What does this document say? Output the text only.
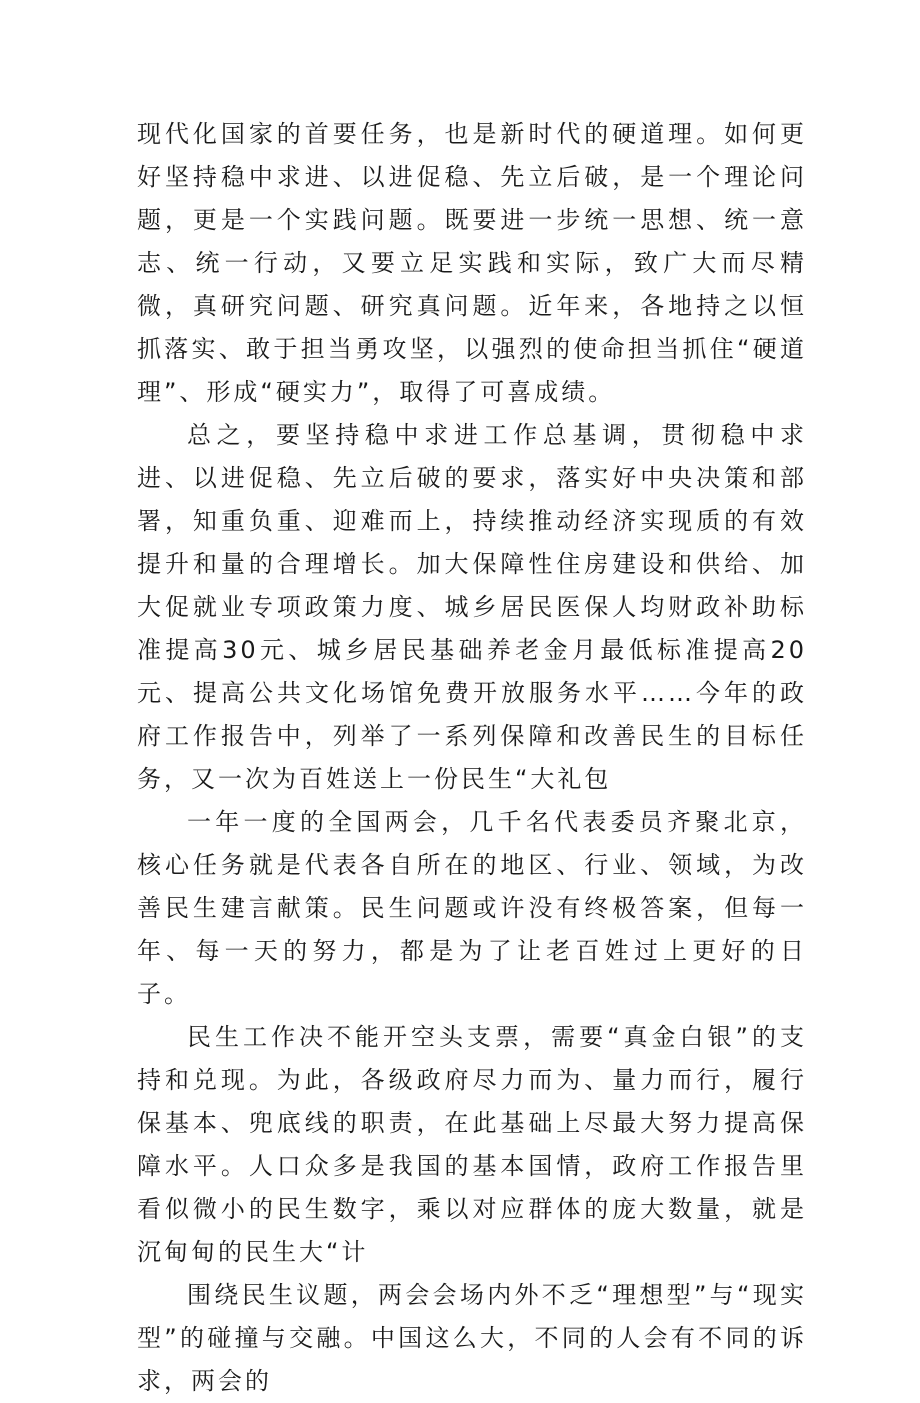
现代化国家的首要任务，也是新时代的硬道理。如何更好坚持稳中求进、以进促稳、先立后破，是一个理论问题，更是一个实践问题。既要进一步统一思想、统一意志、统一行动，又要立足实践和实际，致广大而尽精微，真研究问题、研究真问题。近年来，各地持之以恒抓落实、敢于担当勇攻坚，以强烈的使命担当抓住“硬道理”、形成“硬实力”，取得了可喜成绩。

总之，要坚持稳中求进工作总基调，贯彻稳中求进、以进促稳、先立后破的要求，落实好中央决策和部署，知重负重、迎难而上，持续推动经济实现质的有效提升和量的合理增长。加大保障性住房建设和供给、加大促就业专项政策力度、城乡居民医保人均财政补助标准提高30元、城乡居民基础养老金月最低标准提高20元、提高公共文化场馆免费开放服务水平……今年的政府工作报告中，列举了一系列保障和改善民生的目标任务，又一次为百姓送上一份民生“大礼包

一年一度的全国两会，几千名代表委员齐聚北京，核心任务就是代表各自所在的地区、行业、领域，为改善民生建言献策。民生问题或许没有终极答案，但每一年、每一天的努力，都是为了让老百姓过上更好的日子。

民生工作决不能开空头支票，需要“真金白银”的支持和兑现。为此，各级政府尽力而为、量力而行，履行保基本、兜底线的职责，在此基础上尽最大努力提高保障水平。人口众多是我国的基本国情，政府工作报告里看似微小的民生数字，乘以对应群体的庞大数量，就是沉甸甸的民生大“计

围绕民生议题，两会会场内外不乏“理想型”与“现实型”的碰撞与交融。中国这么大，不同的人会有不同的诉求，两会的
